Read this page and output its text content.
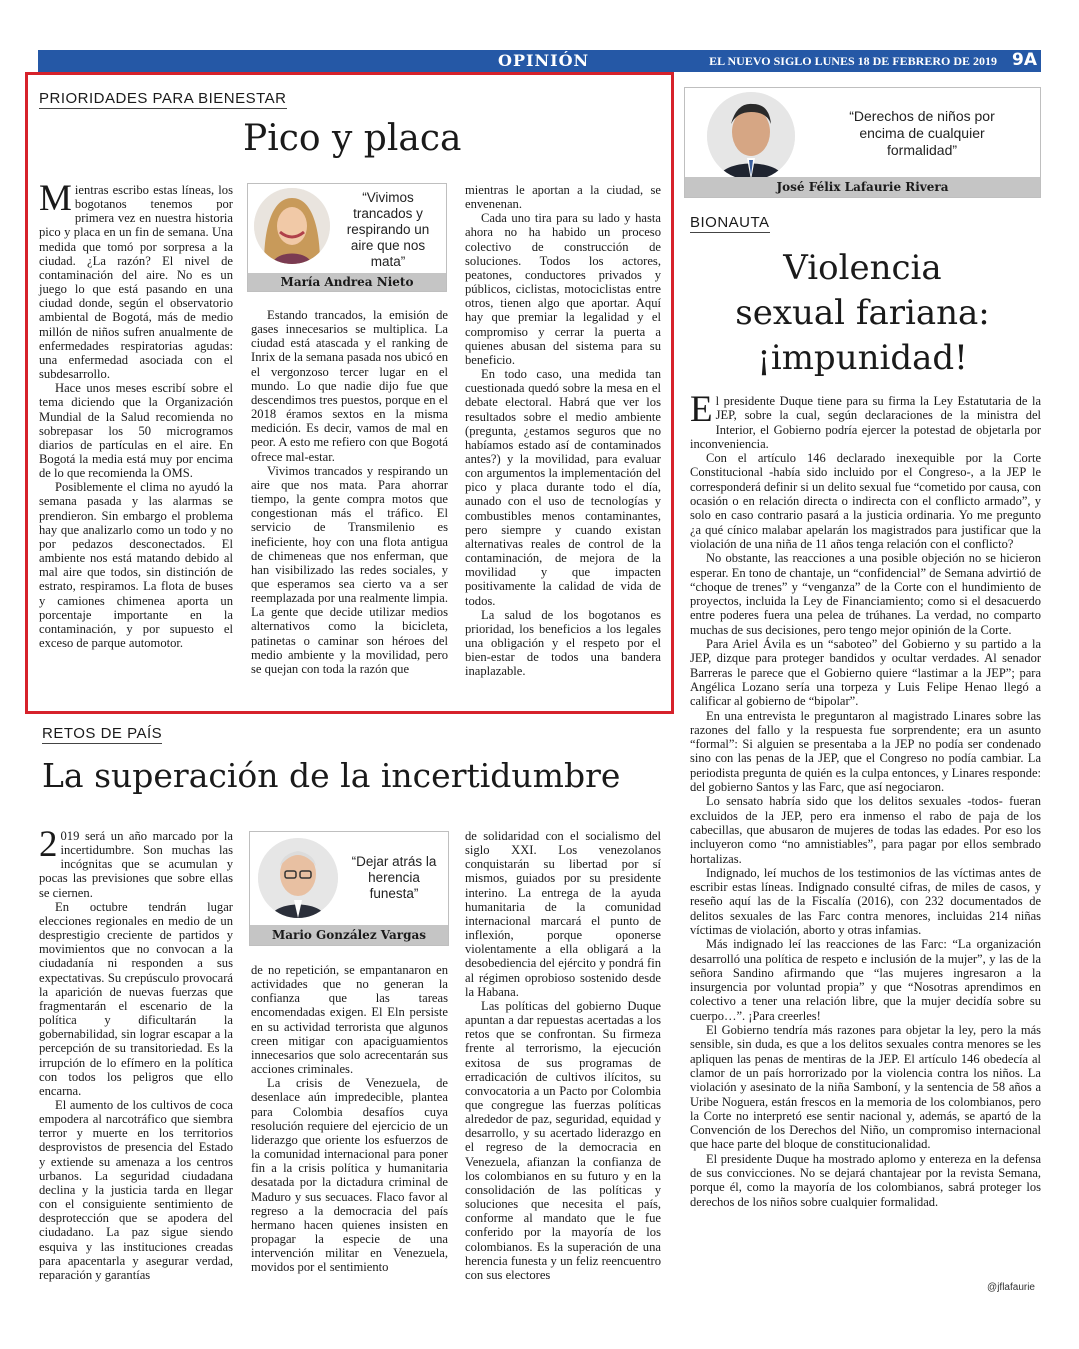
OPINIÓN	EL NUEVO SIGLO LUNES 18 DE FEBRERO DE 2019 9A
PRIORIDADES PARA BIENESTAR
Pico y placa

Mientras escribo estas líneas, los bogotanos tenemos por primera vez en nuestra historia pico y placa en un fin de semana. Una medida que tomó por sorpresa a la ciudad. ¿La razón? El nivel de contaminación del aire. No es un juego lo que está pasando en una ciudad donde, según el observatorio ambiental de Bogotá, más de medio millón de niños sufren anualmente de enfermedades respiratorias agudas: una enfermedad asociada con el subdesarrollo.

Hace unos meses escribí sobre el tema diciendo que la Organización Mundial de la Salud recomienda no sobrepasar los 50 microgramos diarios de partículas en el aire. En Bogotá la media está muy por encima de lo que recomienda la OMS.

Posiblemente el clima no ayudó la semana pasada y las alarmas se prendieron. Sin embargo el problema hay que analizarlo como un todo y no por pedazos desconectados. El ambiente nos está matando debido al mal aire que todos, sin distinción de estrato, respiramos. La flota de buses y camiones chimenea aporta un porcentaje importante en la contaminación, y por supuesto el exceso de parque automotor.

“Vivimos trancados y respirando un aire que nos mata”
María Andrea Nieto

Estando trancados, la emisión de gases innecesarios se multiplica. La ciudad está atascada y el ranking de Inrix de la semana pasada nos ubicó en el vergonzoso tercer lugar en el mundo. Lo que nadie dijo fue que descendimos tres puestos, porque en el 2018 éramos sextos en la misma medición. Es decir, vamos de mal en peor. A esto me refiero con que Bogotá ofrece mal-estar.

Vivimos trancados y respirando un aire que nos mata. Para ahorrar tiempo, la gente compra motos que congestionan más el tráfico. El servicio de Transmilenio es ineficiente, hoy con una flota antigua de chimeneas que nos enferman, que han visibilizado las redes sociales, y que esperamos sea cierto va a ser reemplazada por una realmente limpia. La gente que decide utilizar medios alternativos como la bicicleta, patinetas o caminar son héroes del medio ambiente y la movilidad, pero se quejan con toda la razón que

mientras le aportan a la ciudad, se envenenan.

Cada uno tira para su lado y hasta ahora no ha habido un proceso colectivo de construcción de soluciones. Todos los actores, peatones, conductores privados y públicos, ciclistas, motociclistas entre otros, tienen algo que aportar. Aquí hay que premiar la legalidad y el compromiso y cerrar la puerta a quienes abusan del sistema para su beneficio.

En todo caso, una medida tan cuestionada quedó sobre la mesa en el debate electoral. Habrá que ver los resultados sobre el medio ambiente (pregunta, ¿estamos seguros que no habíamos estado así de contaminados antes?) y la movilidad, para evaluar con argumentos la implementación del pico y placa durante todo el día, aunado con el uso de tecnologías y combustibles menos contaminantes, pero siempre y cuando existan alternativas reales de control de la contaminación, de mejora de la movilidad y que impacten positivamente la calidad de vida de todos.

La salud de los bogotanos es prioridad, los beneficios a los legales una obligación y el respeto por el bien-estar de todos una bandera inaplazable.

RETOS DE PAÍS
La superación de la incertidumbre

2 019 será un año marcado por la incertidumbre. Son muchas las incógnitas que se acumulan y pocas las previsiones que sobre ellas se ciernen.

En octubre tendrán lugar elecciones regionales en medio de un desprestigio creciente de partidos y movimientos que no convocan a la ciudadanía ni responden a sus expectativas. Su crepúsculo provocará la aparición de nuevas fuerzas que fragmentarán el escenario de la política y dificultarán la gobernabilidad, sin lograr escapar a la percepción de su transitoriedad. Es la irrupción de lo efímero en la política con todos los peligros que ello encarna.

El aumento de los cultivos de coca empodera al narcotráfico que siembra terror y muerte en los territorios desprovistos de presencia del Estado y extiende su amenaza a los centros urbanos. La seguridad ciudadana declina y la justicia tarda en llegar con el consiguiente sentimiento de desprotección que se apodera del ciudadano. La paz sigue siendo esquiva y las instituciones creadas para apacentarla y asegurar verdad, reparación y garantías

“Dejar atrás la herencia funesta”
Mario González Vargas

de no repetición, se empantanaron en actividades que no generan la confianza que las tareas encomendadas exigen. El Eln persiste en su actividad terrorista que algunos creen mitigar con apaciguamientos innecesarios que solo acrecentarán sus acciones criminales.

La crisis de Venezuela, de desenlace aún impredecible, plantea para Colombia desafíos cuya resolución requiere del ejercicio de un liderazgo que oriente los esfuerzos de la comunidad internacional para poner fin a la crisis política y humanitaria desatada por la dictadura criminal de Maduro y sus secuaces. Flaco favor al regreso a la democracia del país hermano hacen quienes insisten en propagar la especie de una intervención militar en Venezuela, movidos por el sentimiento

de solidaridad con el socialismo del siglo XXI. Los venezolanos conquistarán su libertad por sí mismos, guiados por su presidente interino. La entrega de la ayuda humanitaria de la comunidad internacional marcará el punto de inflexión, porque oponerse violentamente a ella obligará a la desobediencia del ejército y pondrá fin al régimen oprobioso sostenido desde la Habana.

Las políticas del gobierno Duque apuntan a dar repuestas acertadas a los retos que se confrontan. Su firmeza frente al terrorismo, la ejecución exitosa de sus programas de erradicación de cultivos ilícitos, su convocatoria a un Pacto por Colombia que congregue las fuerzas políticas alrededor de paz, seguridad, equidad y desarrollo, y su acertado liderazgo en el regreso de la democracia en Venezuela, afianzan la confianza de los colombianos en su futuro y en la consolidación de las políticas y soluciones que necesita el país, conforme al mandato que le fue conferido por la mayoría de los colombianos. Es la superación de una herencia funesta y un feliz reencuentro con sus electores

“Derechos de niños por encima de cualquier formalidad”
José Félix Lafaurie Rivera
BIONAUTA
Violencia
sexual fariana:
¡impunidad!

El presidente Duque tiene para su firma la Ley Estatutaria de la JEP, sobre la cual, según declaraciones de la ministra del Interior, el Gobierno podría ejercer la potestad de objetarla por inconveniencia.

Con el artículo 146 declarado inexequible por la Corte Constitucional -había sido incluido por el Congreso-, a la JEP le corresponderá definir si un delito sexual fue “cometido por causa, con ocasión o en relación directa o indirecta con el conflicto armado”, y solo en caso contrario pasará a la justicia ordinaria. Yo me pregunto ¿a qué cínico malabar apelarán los magistrados para justificar que la violación de una niña de 11 años tenga relación con el conflicto?

No obstante, las reacciones a una posible objeción no se hicieron esperar. En tono de chantaje, un “confidencial” de Semana advirtió de “choque de trenes” y “venganza” de la Corte con el hundimiento de proyectos, incluida la Ley de Financiamiento; como si el desacuerdo entre poderes fuera una pelea de trúhanes. La verdad, no comparto muchas de sus decisiones, pero tengo mejor opinión de la Corte.

Para Ariel Ávila es un “saboteo” del Gobierno y su partido a la JEP, dizque para proteger bandidos y ocultar verdades. Al senador Barreras le parece que el Gobierno quiere “lastimar a la JEP”; para Angélica Lozano sería una torpeza y Luis Felipe Henao llegó a calificar al gobierno de “bipolar”.

En una entrevista le preguntaron al magistrado Linares sobre las razones del fallo y la respuesta fue sorprendente; era un asunto “formal”: Si alguien se presentaba a la JEP no podía ser condenado sino con las penas de la JEP, que el Congreso no podía cambiar. La periodista pregunta de quién es la culpa entonces, y Linares responde: del gobierno Santos y las Farc, que así negociaron.

Lo sensato habría sido que los delitos sexuales -todos- fueran excluidos de la JEP, pero era inmenso el rabo de paja de los cabecillas, que abusaron de mujeres de todas las edades. Por eso los incluyeron como “no amnistiables”, para pagar por ellos sembrado hortalizas.

Indignado, leí muchos de los testimonios de las víctimas antes de escribir estas líneas. Indignado consulté cifras, de miles de casos, y reseño aquí las de la Fiscalía (2016), con 232 documentados de delitos sexuales de las Farc contra menores, incluidas 214 niñas víctimas de violación, aborto y otras infamias.

Más indignado leí las reacciones de las Farc: “La organización desarrolló una política de respeto e inclusión de la mujer”, y las de la señora Sandino afirmando que “las mujeres ingresaron a la insurgencia por voluntad propia” y que “Nosotras aprendimos en colectivo a tener una relación libre, que la mujer decidía sobre su cuerpo…”. ¡Para creerles!

El Gobierno tendría más razones para objetar la ley, pero la más sensible, sin duda, es que a los delitos sexuales contra menores se les apliquen las penas de mentiras de la JEP. El artículo 146 obedecía al clamor de un país horrorizado por la violencia contra los niños. La violación y asesinato de la niña Samboní, y la sentencia de 58 años a Uribe Noguera, están frescos en la memoria de los colombianos, pero la Corte no interpretó ese sentir nacional y, además, se apartó de la Convención de los Derechos del Niño, un compromiso internacional que hace parte del bloque de constitucionalidad.

El presidente Duque ha mostrado aplomo y entereza en la defensa de sus convicciones. No se dejará chantajear por la revista Semana, porque él, como la mayoría de los colombianos, sabrá proteger los derechos de los niños sobre cualquier formalidad.

@jflafaurie
